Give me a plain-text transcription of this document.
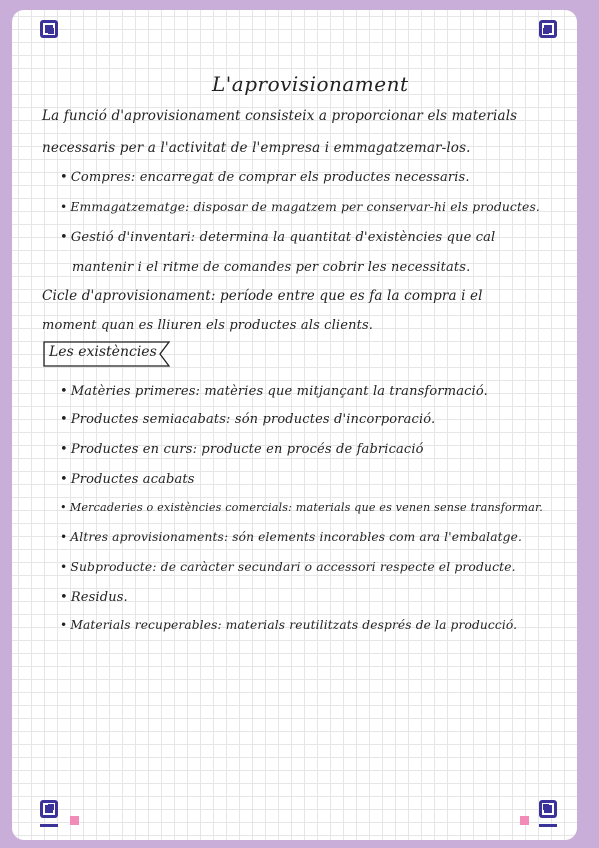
L'aprovisionament
La funció d'aprovisionament consisteix a proporcionar els materials
necessaris per a l'activitat de l'empresa i emmagatzemar-los.
• Compres: encarregat de comprar els productes necessaris.
• Emmagatzematge: disposar de magatzem per conservar-hi els productes.
• Gestió d'inventari: determina la quantitat d'existències que cal
mantenir i el ritme de comandes per cobrir les necessitats.
Cicle d'aprovisionament: període entre que es fa la compra i el
moment quan es lliuren els productes als clients.
Les existències
• Matèries primeres: matèries que mitjançant la transformació.
• Productes semiacabats: són productes d'incorporació.
• Productes en curs: producte en procés de fabricació
• Productes acabats
• Mercaderies o existències comercials: materials que es venen sense transformar.
• Altres aprovisionaments: són elements incorables com ara l'embalatge.
• Subproducte: de caràcter secundari o accessori respecte el producte.
• Residus.
• Materials recuperables: materials reutilitzats després de la producció.
